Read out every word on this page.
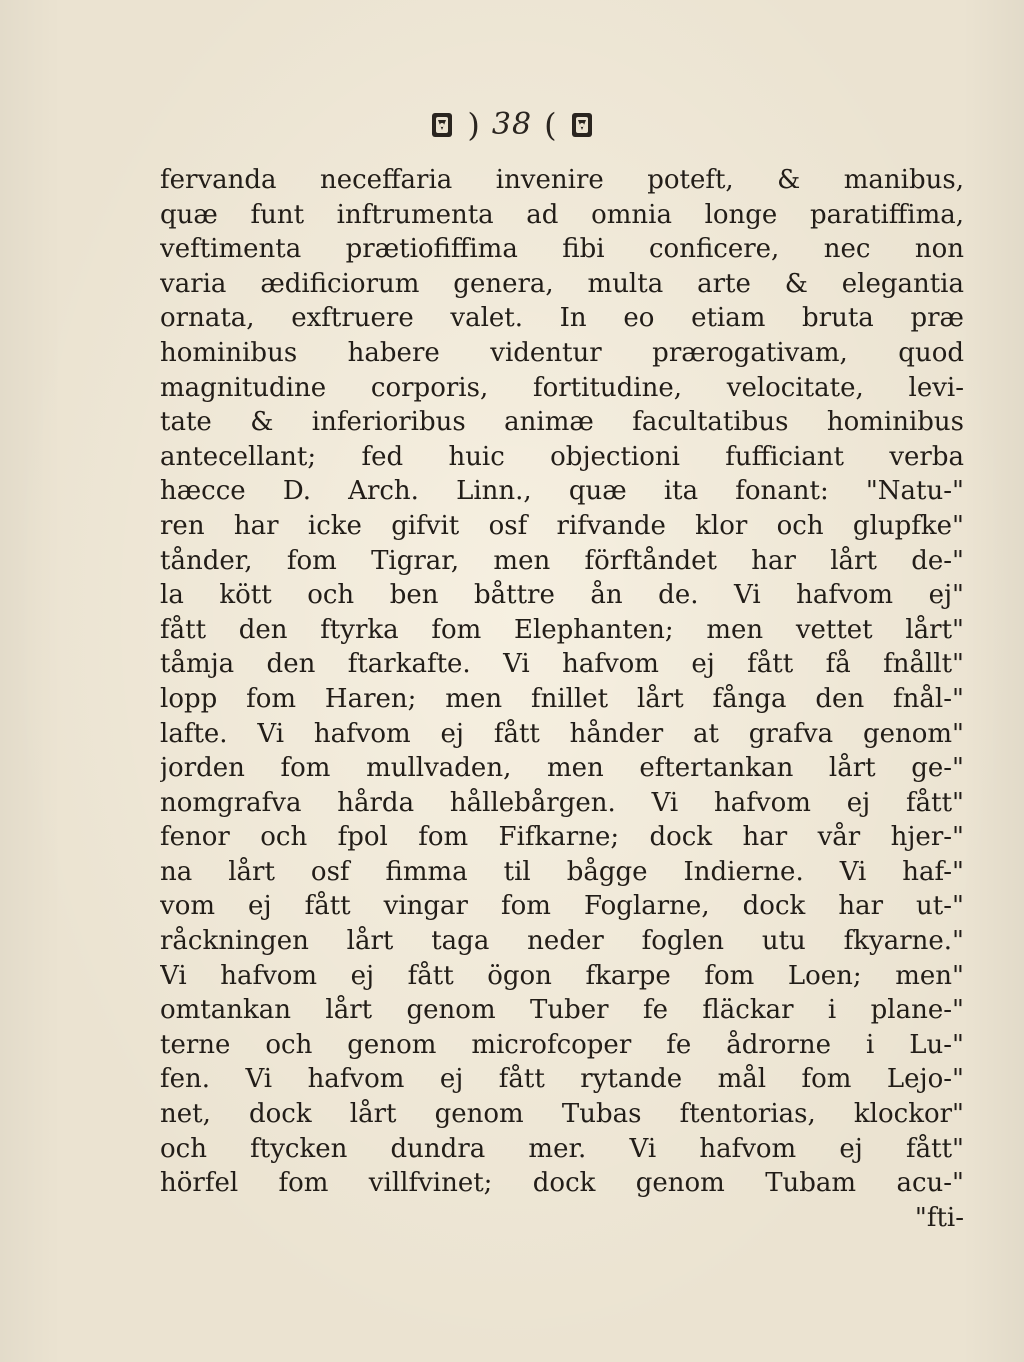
) 38 (
fervanda neceffaria invenire poteft, & manibus,
quæ funt inftrumenta ad omnia longe paratiffima,
veftimenta prætiofiffima fibi conficere, nec non
varia ædificiorum genera, multa arte & elegantia
ornata, exftruere valet. In eo etiam bruta præ
hominibus habere videntur prærogativam, quod
magnitudine corporis, fortitudine, velocitate, levi-
tate & inferioribus animæ facultatibus hominibus
antecellant; fed huic objectioni fufficiant verba
hæcce D. Arch. Linn., quæ ita fonant: "Natu-"
ren har icke gifvit osf rifvande klor och glupfke"
tånder, fom Tigrar, men förftåndet har lårt de-"
la kött och ben båttre ån de. Vi hafvom ej"
fått den ftyrka fom Elephanten; men vettet lårt"
tåmja den ftarkafte. Vi hafvom ej fått få fnållt"
lopp fom Haren; men fnillet lårt fånga den fnål-"
lafte. Vi hafvom ej fått hånder at grafva genom"
jorden fom mullvaden, men eftertankan lårt ge-"
nomgrafva hårda hållebårgen. Vi hafvom ej fått"
fenor och fpol fom Fifkarne; dock har vår hjer-"
na lårt osf fimma til bågge Indierne. Vi haf-"
vom ej fått vingar fom Foglarne, dock har ut-"
råckningen lårt taga neder foglen utu fkyarne."
Vi hafvom ej fått ögon fkarpe fom Loen; men"
omtankan lårt genom Tuber fe fläckar i plane-"
terne och genom microfcoper fe ådrorne i Lu-"
fen. Vi hafvom ej fått rytande mål fom Lejo-"
net, dock lårt genom Tubas ftentorias, klockor"
och ftycken dundra mer. Vi hafvom ej fått"
hörfel fom villfvinet; dock genom Tubam acu-"
"fti-
